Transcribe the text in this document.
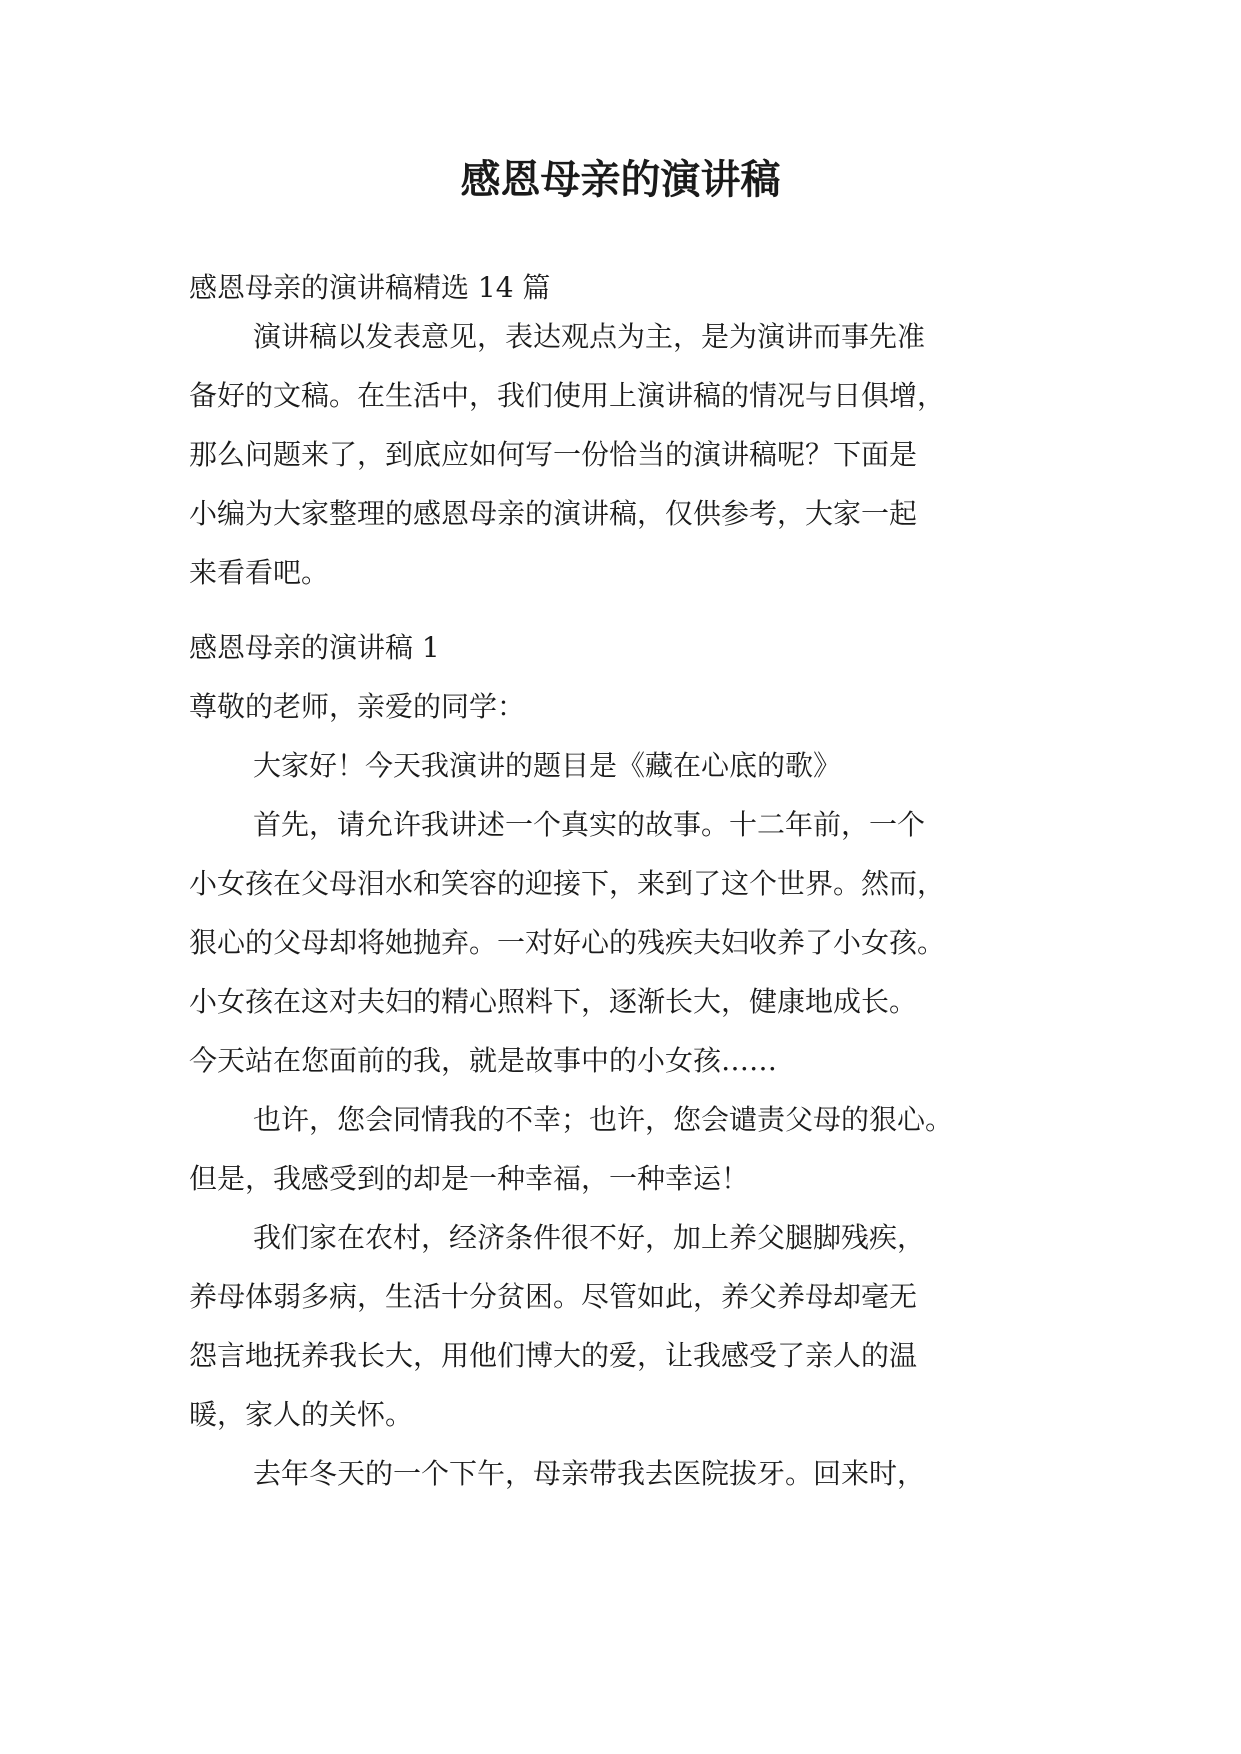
感恩母亲的演讲稿
感恩母亲的演讲稿精选 14 篇
演讲稿以发表意见，表达观点为主，是为演讲而事先准
备好的文稿。在生活中，我们使用上演讲稿的情况与日俱增，
那么问题来了，到底应如何写一份恰当的演讲稿呢？下面是
小编为大家整理的感恩母亲的演讲稿，仅供参考，大家一起
来看看吧。
感恩母亲的演讲稿 1
尊敬的老师，亲爱的同学：
大家好！今天我演讲的题目是《藏在心底的歌》
首先，请允许我讲述一个真实的故事。十二年前，一个
小女孩在父母泪水和笑容的迎接下，来到了这个世界。然而，
狠心的父母却将她抛弃。一对好心的残疾夫妇收养了小女孩。
小女孩在这对夫妇的精心照料下，逐渐长大，健康地成长。
今天站在您面前的我，就是故事中的小女孩……
也许，您会同情我的不幸；也许，您会谴责父母的狠心。
但是，我感受到的却是一种幸福，一种幸运！
我们家在农村，经济条件很不好，加上养父腿脚残疾，
养母体弱多病，生活十分贫困。尽管如此，养父养母却毫无
怨言地抚养我长大，用他们博大的爱，让我感受了亲人的温
暖，家人的关怀。
去年冬天的一个下午，母亲带我去医院拔牙。回来时，
